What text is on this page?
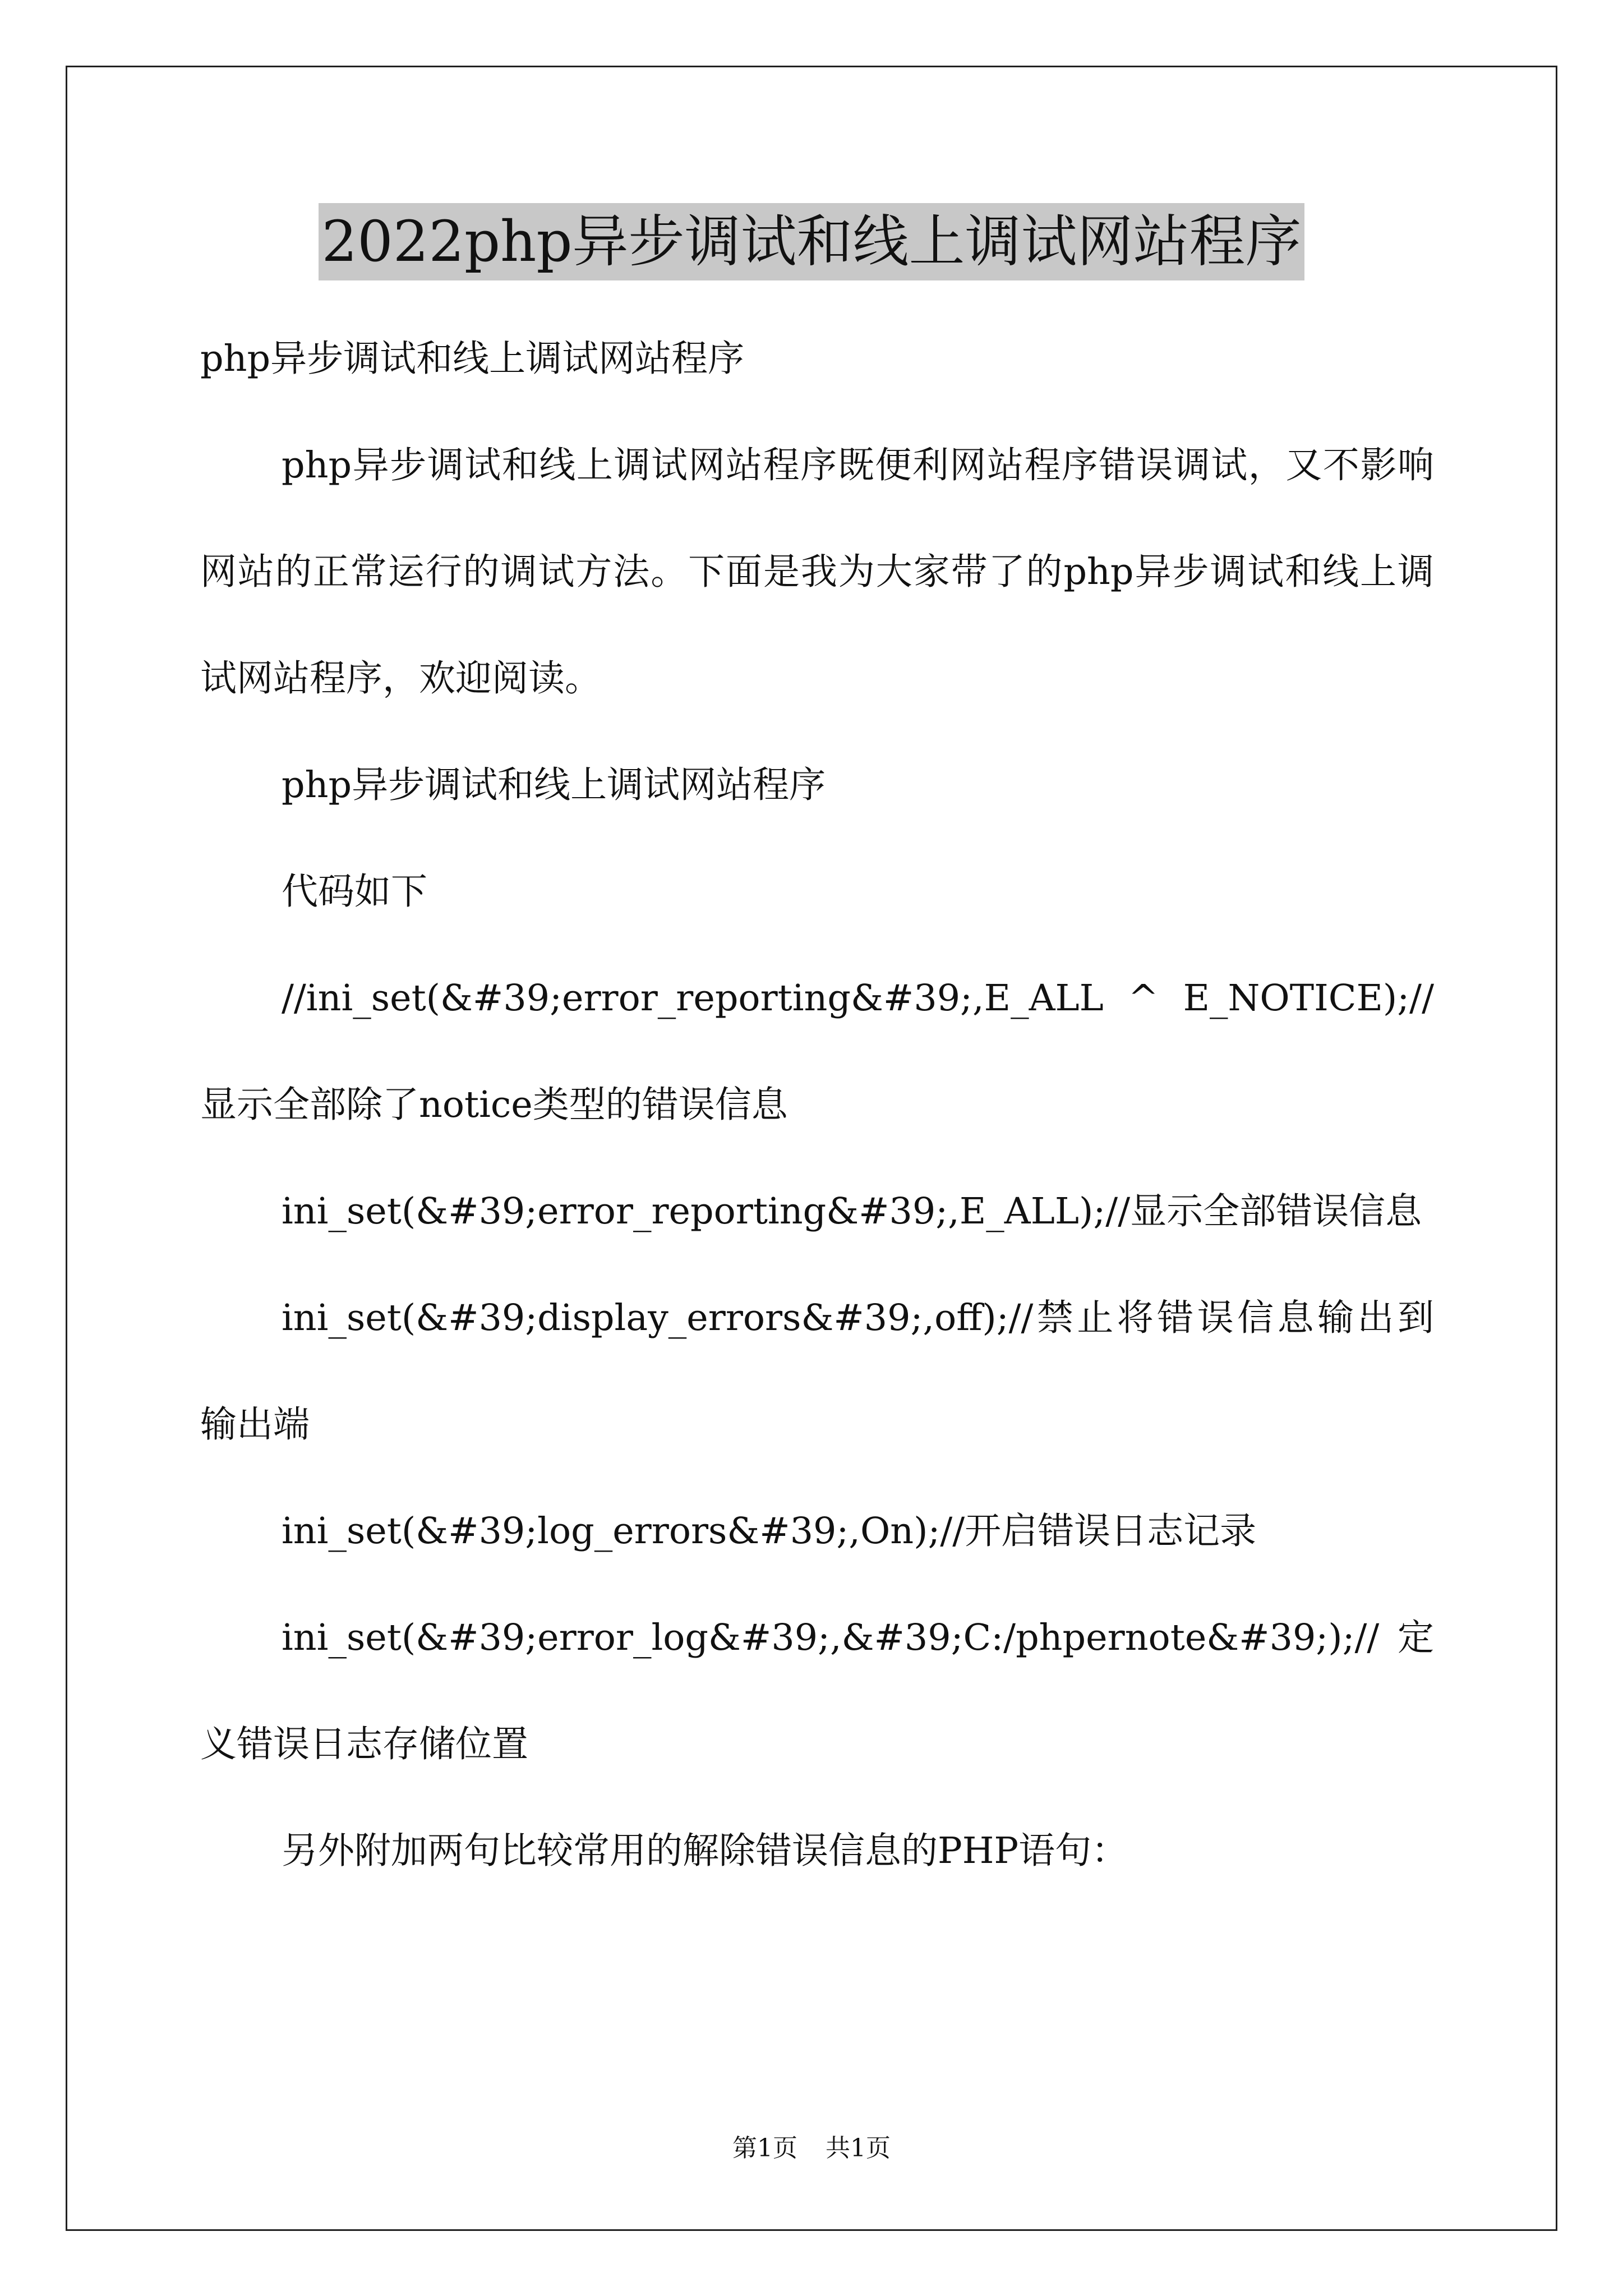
2022php异步调试和线上调试网站程序

php异步调试和线上调试网站程序

php异步调试和线上调试网站程序既便利网站程序错误调试，又不影响网站的正常运行的调试方法。下面是我为大家带了的php异步调试和线上调试网站程序，欢迎阅读。

php异步调试和线上调试网站程序

代码如下

//ini_set(&#39;error_reporting&#39;,E_ALL ^ E_NOTICE);//显示全部除了notice类型的错误信息

ini_set(&#39;error_reporting&#39;,E_ALL);//显示全部错误信息

ini_set(&#39;display_errors&#39;,off);//禁止将错误信息输出到输出端

ini_set(&#39;log_errors&#39;,On);//开启错误日志记录

ini_set(&#39;error_log&#39;,&#39;C:/phpernote&#39;);//定义错误日志存储位置

另外附加两句比较常用的解除错误信息的PHP语句：

第1页 共1页
